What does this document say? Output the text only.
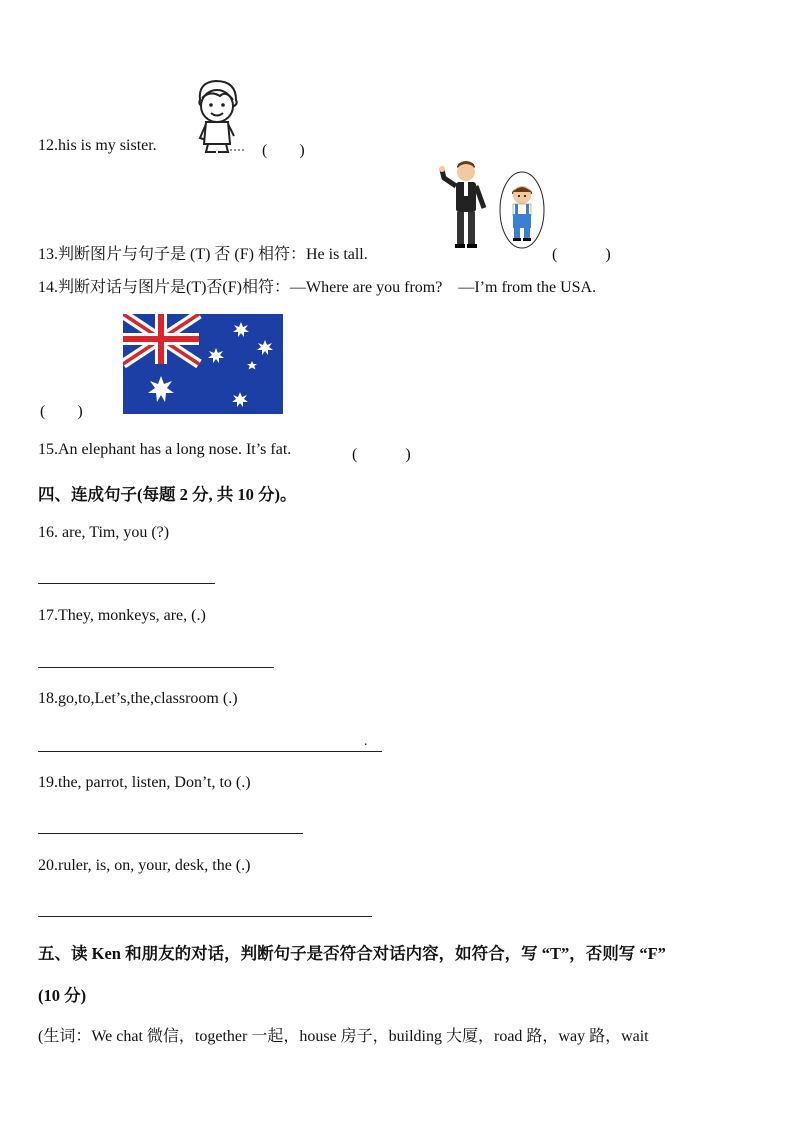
12.his is my sister.	(　　)
13.判断图片与句子是 (T) 否 (F) 相符：He is tall.	(　　　)
14.判断对话与图片是(T)否(F)相符：—Where are you from?　—I’m from the USA.
(　　)
15.An elephant has a long nose. It’s fat.	(　　　)
四、连成句子(每题 2 分, 共 10 分)。
16. are, Tim, you (?)
17.They, monkeys, are, (.)
18.go,to,Let’s,the,classroom (.)
.
19.the, parrot, listen, Don’t, to (.)
20.ruler, is, on, your, desk, the (.)
五、读 Ken 和朋友的对话，判断句子是否符合对话内容，如符合，写 “T”，否则写 “F”
(10 分)
(生词：We chat 微信，together 一起，house 房子，building 大厦，road 路，way 路，wait
